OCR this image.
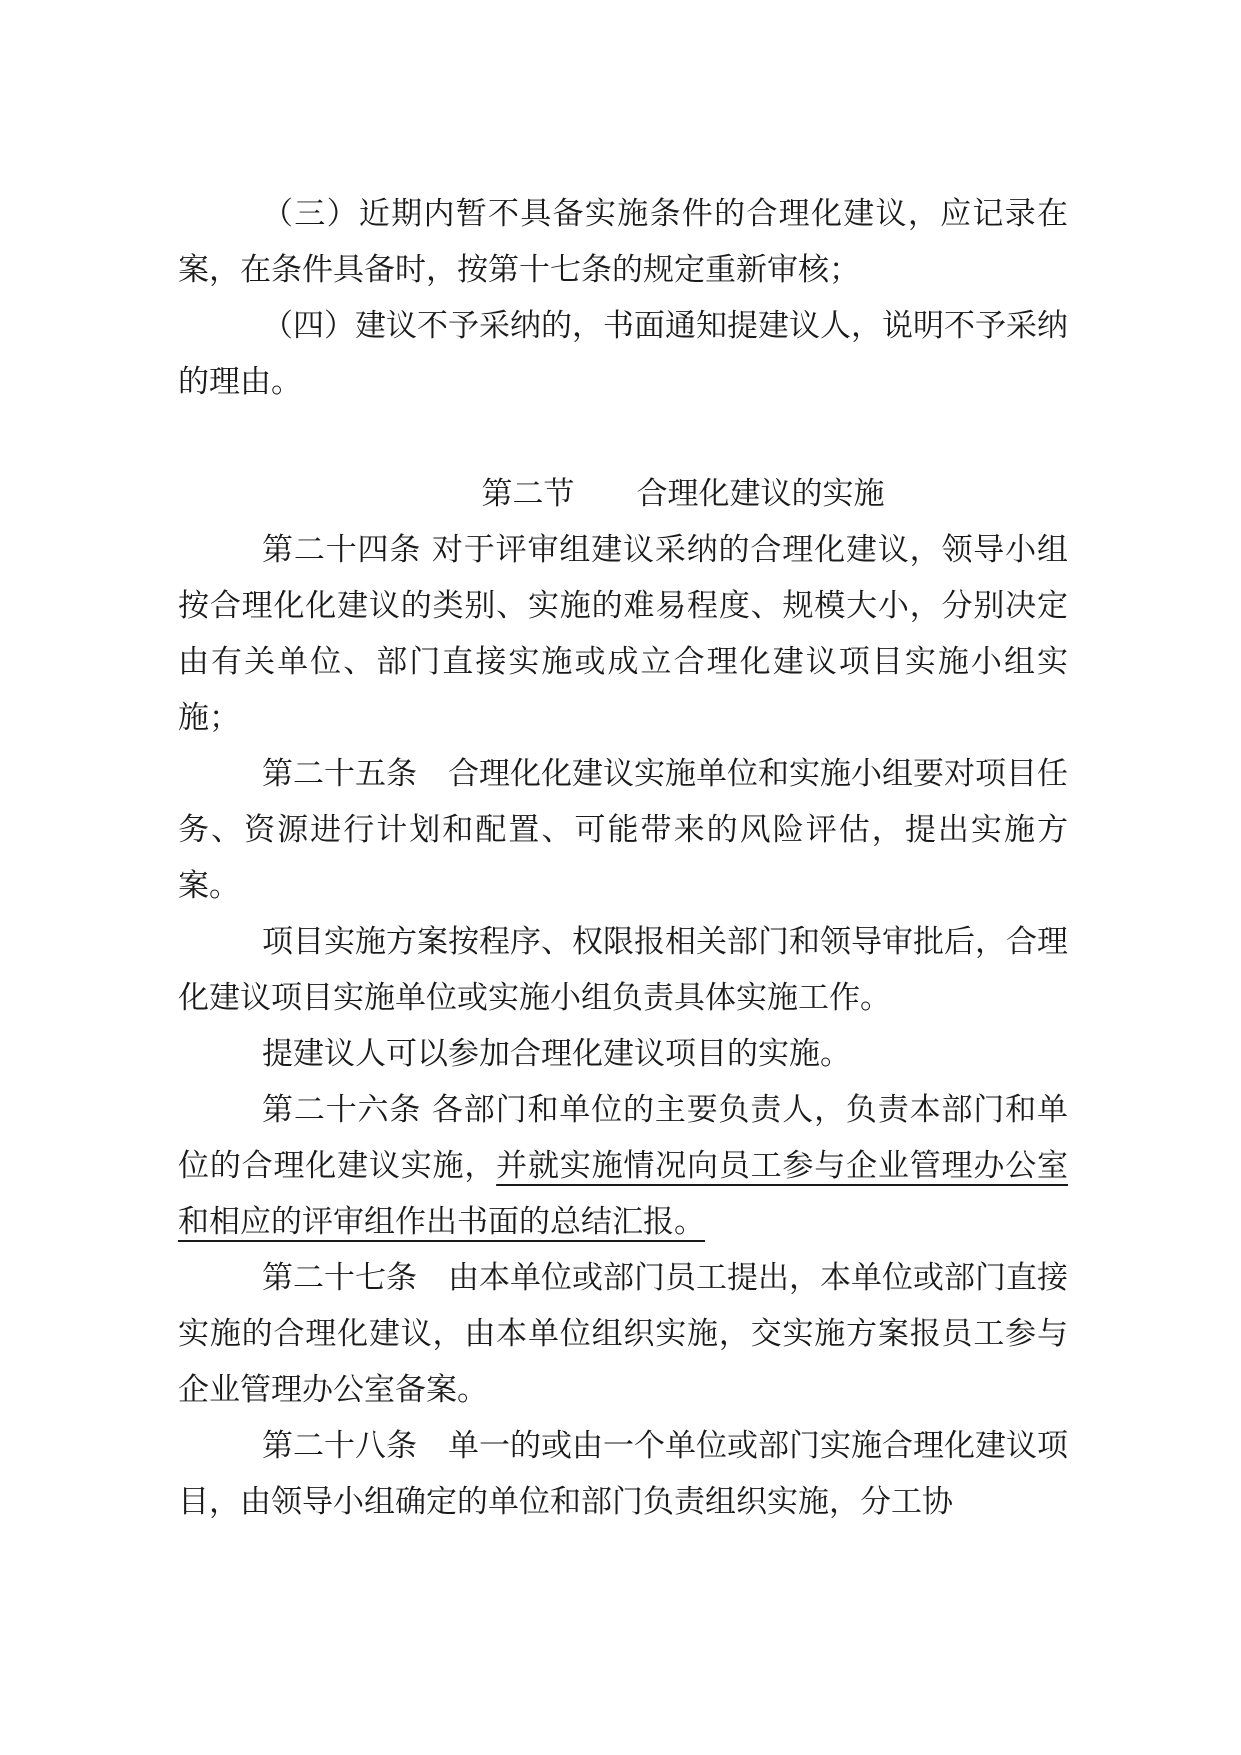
（三）近期内暂不具备实施条件的合理化建议，应记录在案，在条件具备时，按第十七条的规定重新审核；

（四）建议不予采纳的，书面通知提建议人，说明不予采纳的理由。

第二节　　合理化建议的实施

第二十四条 对于评审组建议采纳的合理化建议，领导小组按合理化化建议的类别、实施的难易程度、规模大小，分别决定由有关单位、部门直接实施或成立合理化建议项目实施小组实施；

第二十五条　合理化化建议实施单位和实施小组要对项目任务、资源进行计划和配置、可能带来的风险评估，提出实施方案。

项目实施方案按程序、权限报相关部门和领导审批后，合理化建议项目实施单位或实施小组负责具体实施工作。

提建议人可以参加合理化建议项目的实施。

第二十六条 各部门和单位的主要负责人，负责本部门和单位的合理化建议实施，并就实施情况向员工参与企业管理办公室和相应的评审组作出书面的总结汇报。

第二十七条　由本单位或部门员工提出，本单位或部门直接实施的合理化建议，由本单位组织实施，交实施方案报员工参与企业管理办公室备案。

第二十八条　单一的或由一个单位或部门实施合理化建议项目，由领导小组确定的单位和部门负责组织实施，分工协
